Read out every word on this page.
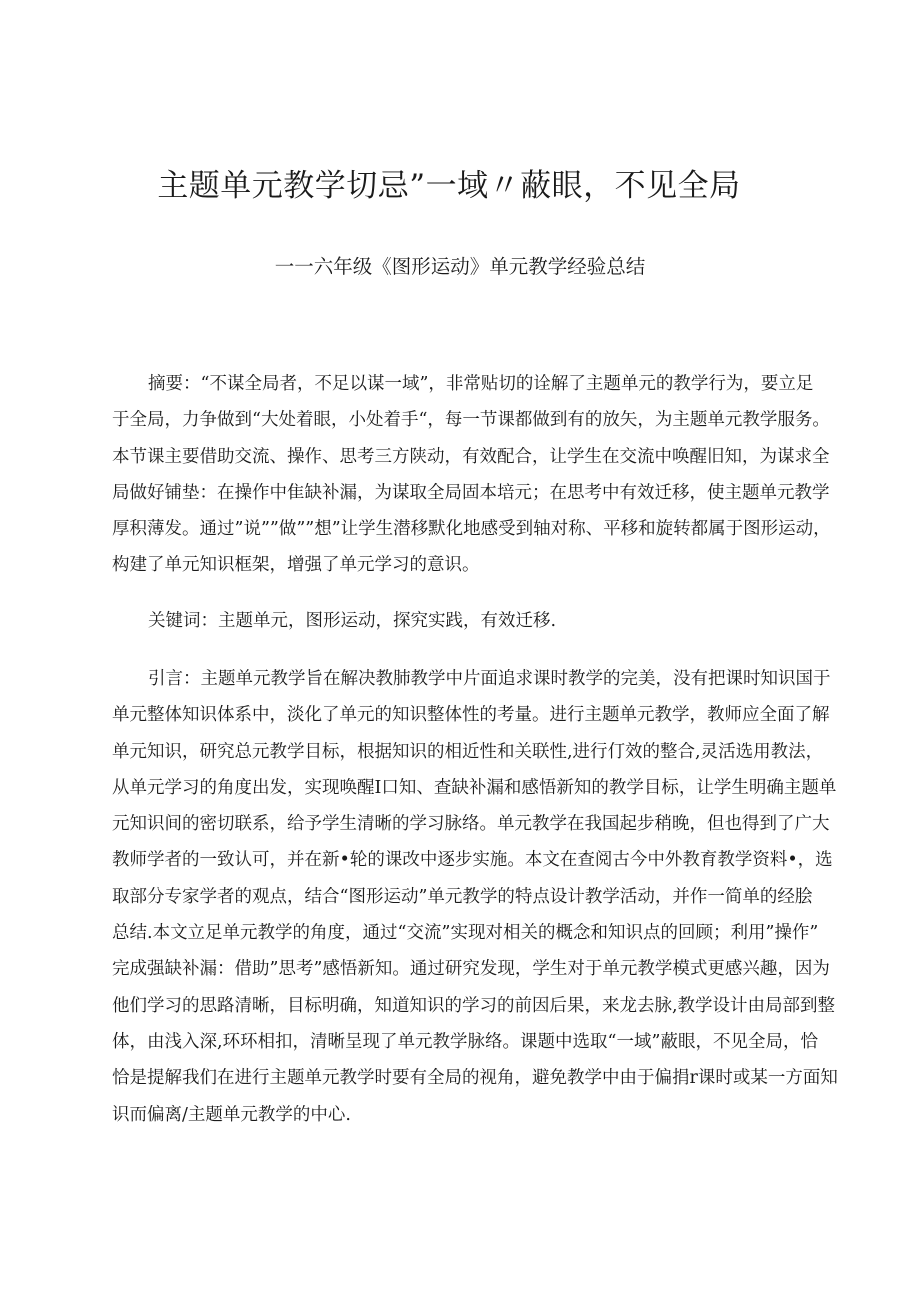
主题单元教学切忌”一域〃蔽眼，不见全局
一一六年级《图形运动》单元教学经验总结
摘要：“不谋全局者，不足以谋一域”，非常贴切的诠解了主题单元的教学行为，要立足
于全局，力争做到“大处着眼，小处着手“，每一节课都做到有的放矢，为主题单元教学服务。
本节课主要借助交流、操作、思考三方陕动，有效配合，让学生在交流中唤醒旧知，为谋求全
局做好铺垫：在操作中隹缺补漏，为谋取全局固本培元；在思考中有效迁移，使主题单元教学
厚积薄发。通过”说””做””想”让学生潜移默化地感受到轴对称、平移和旋转都属于图形运动，
构建了单元知识框架，增强了单元学习的意识。
关键词：主题单元，图形运动，探究实践，有效迁移.
引言：主题单元教学旨在解决教肺教学中片面追求课时教学的完美，没有把课时知识国于
单元整体知识体系中，淡化了单元的知识整体性的考量。进行主题单元教学，教师应全面了解
单元知识，研究总元教学目标，根据知识的相近性和关联性,进行仃效的整合,灵活选用教法，
从单元学习的角度出发，实现唤醒I口知、查缺补漏和感悟新知的教学目标，让学生明确主题单
元知识间的密切联系，给予学生清晰的学习脉络。单元教学在我国起步稍晚，但也得到了广大
教师学者的一致认可，并在新•轮的课改中逐步实施。本文在查阅古今中外教育教学资料•，选
取部分专家学者的观点，结合“图形运动”单元教学的特点设计教学活动，并作一简单的经脍
总结.本文立足单元教学的角度，通过“交流”实现对相关的概念和知识点的回顾；利用”操作”
完成强缺补漏：借助”思考”感悟新知。通过研究发现，学生对于单元教学模式更感兴趣，因为
他们学习的思路清晰，目标明确，知道知识的学习的前因后果，来龙去脉,教学设计由局部到整
体，由浅入深,环环相扣，清晰呈现了单元教学脉络。课题中选取“一域”蔽眼，不见全局，恰
恰是提解我们在进行主题单元教学时要有全局的视角，避免教学中由于偏捐r课时或某一方面知
识而偏离/主题单元教学的中心.
